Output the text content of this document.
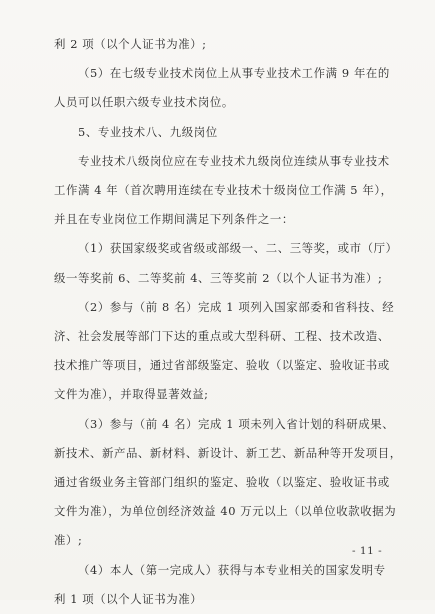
利 2 项（以个人证书为准）;
（5）在七级专业技术岗位上从事专业技术工作满 9 年在的
人员可以任职六级专业技术岗位。
5、专业技术八、九级岗位
专业技术八级岗位应在专业技术九级岗位连续从事专业技术
工作满 4 年（首次聘用连续在专业技术十级岗位工作满 5 年），
并且在专业岗位工作期间满足下列条件之一：
（1）获国家级奖或省级或部级一、二、三等奖，或市（厅）
级一等奖前 6、二等奖前 4、三等奖前 2（以个人证书为准）;
（2）参与（前 8 名）完成 1 项列入国家部委和省科技、经
济、社会发展等部门下达的重点或大型科研、工程、技术改造、
技术推广等项目，通过省部级鉴定、验收（以鉴定、验收证书或
文件为准），并取得显著效益;
（3）参与（前 4 名）完成 1 项未列入省计划的科研成果、
新技术、新产品、新材料、新设计、新工艺、新品种等开发项目，
通过省级业务主管部门组织的鉴定、验收（以鉴定、验收证书或
文件为准），为单位创经济效益 40 万元以上（以单位收款收据为
准）;
（4）本人（第一完成人）获得与本专业相关的国家发明专
利 1 项（以个人证书为准）
- 11 -
